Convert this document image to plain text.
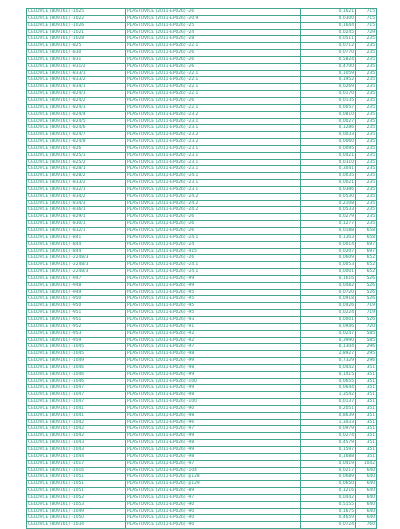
CELOVCE (809161) -1025	PLASTOVICE (2011-EP026) -26	0,1621	715
CELOVCE (809161) -1022	PLASTOVICE (2011-EP026) -20.9	0,0300	715
CELOVCE (809161) -1026	PLASTOVICE (2011-EP026) -25	0,1644	715
CELOVCE (809161) -1021	PLASTOVICE (2011-EP026) -24	0,0245	729
CELOVCE (809161) -1028	PLASTOVICE (2011-EP026) -28	0,0511	235
CELOVCE (809161) -825	PLASTOVICE (2011-EP026) -22.1	0,0712	235
CELOVCE (809161) -830	PLASTOVICE (2011-EP026) -26	0,0770	235
CELOVCE (809161) -831	PLASTOVICE (2011-EP026) -26	0,5824	235
CELOVCE (809161) -831/2	PLASTOVICE (2011-EP026) -26	0,4700	235
CELOVCE (809161) -833/1	PLASTOVICE (2011-EP026) -22.1	0,1059	235
CELOVCE (809161) -833/2	PLASTOVICE (2011-EP026) -22.1	0,1952	235
CELOVCE (809161) -834/1	PLASTOVICE (2011-EP026) -22.1	0,0269	235
CELOVCE (809161) -824/1	PLASTOVICE (2011-EP026) -22.1	0,0170	235
CELOVCE (809161) -824/2	PLASTOVICE (2011-EP026) -26	0,0135	235
CELOVCE (809161) -824/3	PLASTOVICE (2011-EP026) -22.1	0,0057	235
CELOVCE (809161) -824/4	PLASTOVICE (2011-EP026) -23.2	0,0810	235
CELOVCE (809161) -824/5	PLASTOVICE (2011-EP026) -23.1	0,0027	235
CELOVCE (809161) -824/6	PLASTOVICE (2011-EP026) -23.1	0,1286	235
CELOVCE (809161) -824/7	PLASTOVICE (2011-EP026) -23.2	0,0033	235
CELOVCE (809161) -824/8	PLASTOVICE (2011-EP026) -23.2	0,0060	235
CELOVCE (809161) -826	PLASTOVICE (2011-EP026) -23.1	0,0095	235
CELOVCE (809161) -825/1	PLASTOVICE (2011-EP026) -23.1	0,0421	235
CELOVCE (809161) -825/2	PLASTOVICE (2011-EP026) -23.1	0,0310	235
CELOVCE (809161) -828/1	PLASTOVICE (2011-EP026) -23.1	0,3041	235
CELOVCE (809161) -828/2	PLASTOVICE (2011-EP026) -24.1	0,0035	235
CELOVCE (809161) -833/2	PLASTOVICE (2011-EP026) -23.1	0,0021	235
CELOVCE (809161) -832/1	PLASTOVICE (2011-EP026) -23.1	0,0386	235
CELOVCE (809161) -834/2	PLASTOVICE (2011-EP026) -24.2	0,0530	235
CELOVCE (809161) -834/3	PLASTOVICE (2011-EP026) -24.2	0,2108	235
CELOVCE (809161) -836/1	PLASTOVICE (2011-EP026) -24.2	0,0533	235
CELOVCE (809161) -829/1	PLASTOVICE (2011-EP026) -26	0,0279	235
CELOVCE (809161) -830/1	PLASTOVICE (2011-EP026) -26	0,1277	235
CELOVCE (809161) -832/1	PLASTOVICE (2011-EP026) -26	0,0188	658
CELOVCE (809161) -841	PLASTOVICE (2011-EP026) -24.1	0,1303	658
CELOVCE (809161) -844	PLASTOVICE (2011-EP026) -24	0,0014	697
CELOVCE (809161) -844	PLASTOVICE (2011-EP026) -415	0,0207	697
CELOVCE (809161) -2248/3	PLASTOVICE (2011-EP026) -26	0,0609	652
CELOVCE (809161) -2248/3	PLASTOVICE (2011-EP026) -24.1	0,0053	652
CELOVCE (809161) -2248/3	PLASTOVICE (2011-EP026) -24.1	0,0001	652
CELOVCE (809161) -947	PLASTOVICE (2011-EP026) -99	0,1616	526
CELOVCE (809161) -948	PLASTOVICE (2011-EP026) -99	0,0482	526
CELOVCE (809161) -949	PLASTOVICE (2011-EP026) -95	0,0720	526
CELOVCE (809161) -950	PLASTOVICE (2011-EP026) -95	0,0918	526
CELOVCE (809161) -950	PLASTOVICE (2011-EP026) -95	0,0426	719
CELOVCE (809161) -951	PLASTOVICE (2011-EP026) -95	0,0224	719
CELOVCE (809161) -951	PLASTOVICE (2011-EP026) -93	0,0001	526
CELOVCE (809161) -952	PLASTOVICE (2011-EP026) -91	0,0946	720
CELOVCE (809161) -953	PLASTOVICE (2011-EP026) -92	0,0247	585
CELOVCE (809161) -959	PLASTOVICE (2011-EP026) -92	0,3990	585
CELOVCE (809161) -1045	PLASTOVICE (2011-EP026) -97	0,1304	296
CELOVCE (809161) -1045	PLASTOVICE (2011-EP026) -98	2,8927	295
CELOVCE (809161) -1049	PLASTOVICE (2011-EP026) -99	0,7329	296
CELOVCE (809161) -1046	PLASTOVICE (2011-EP026) -98	0,0442	351
CELOVCE (809161) -1046	PLASTOVICE (2011-EP026) -99	0,1415	351
CELOVCE (809161) -1046	PLASTOVICE (2011-EP026) -100	0,0655	351
CELOVCE (809161) -1047	PLASTOVICE (2011-EP026) -99	0,0644	351
CELOVCE (809161) -1047	PLASTOVICE (2011-EP026) -98	1,3542	351
CELOVCE (809161) -1047	PLASTOVICE (2011-EP026) -100	0,0137	351
CELOVCE (809161) -1041	PLASTOVICE (2011-EP026) -90	0,2051	351
CELOVCE (809161) -1041	PLASTOVICE (2011-EP026) -98	0,8639	351
CELOVCE (809161) -1042	PLASTOVICE (2011-EP026) -96	1,3433	351
CELOVCE (809161) -1042	PLASTOVICE (2011-EP026) -97	0,0979	351
CELOVCE (809161) -1042	PLASTOVICE (2011-EP026) -99	0,0274	351
CELOVCE (809161) -1043	PLASTOVICE (2011-EP026) -98	0,4579	351
CELOVCE (809161) -1043	PLASTOVICE (2011-EP026) -99	0,1597	351
CELOVCE (809161) -1044	PLASTOVICE (2011-EP026) -98	0,1688	351
CELOVCE (809161) -1017	PLASTOVICE (2011-EP026) -97	0,0419	1042
CELOVCE (809161) -1016	PLASTOVICE (2011-EP026) -104	0,0217	640
CELOVCE (809161) -1051	PLASTOVICE (2011-EP026) -p128	0,0689	640
CELOVCE (809161) -1051	PLASTOVICE (2011-EP026) -p129	0,0650	640
CELOVCE (809161) -1051	PLASTOVICE (2011-EP026) -89	0,1216	640
CELOVCE (809161) -1052	PLASTOVICE (2011-EP026) -97	0,0442	640
CELOVCE (809161) -1053	PLASTOVICE (2011-EP026) -90	0,5155	640
CELOVCE (809161) -1049	PLASTOVICE (2011-EP026) -90	0,1675	640
CELOVCE (809161) -1050	PLASTOVICE (2011-EP026) -90	0,4659	640
CELOVCE (809161) -1034	PLASTOVICE (2011-EP026) -90	0,0724	760
